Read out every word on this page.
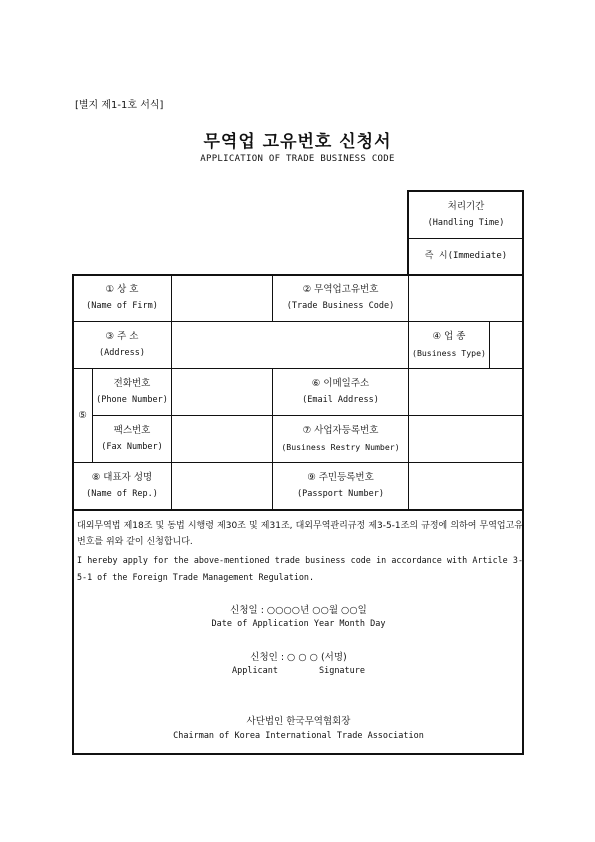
[별지 제1-1호 서식]
무역업 고유번호 신청서
APPLICATION OF TRADE BUSINESS CODE
처리기간
(Handling Time)
즉 시(Immediate)
① 상 호
(Name of Firm)
② 무역업고유번호
(Trade Business Code)
③ 주 소
(Address)
④ 업 종
(Business Type)
⑤
전화번호
(Phone Number)
⑥ 이메일주소
(Email Address)
팩스번호
(Fax Number)
⑦ 사업자등록번호
(Business Restry Number)
⑧ 대표자 성명
(Name of Rep.)
⑨ 주민등록번호
(Passport Number)
대외무역법 제18조 및 동법 시행령 제30조 및 제31조, 대외무역관리규정 제3-5-1조의 규정에 의하여 무역업고유번호를 위와 같이 신청합니다.
I hereby apply for the above-mentioned trade business code in accordance with Article 3-5-1 of the Foreign Trade Management Regulation.
신청일 : ○○○○년 ○○월 ○○일
Date of Application Year Month Day
신청인 : ○ ○ ○ (서명)
Applicant        Signature
사단법인 한국무역협회장
Chairman of Korea International Trade Association
